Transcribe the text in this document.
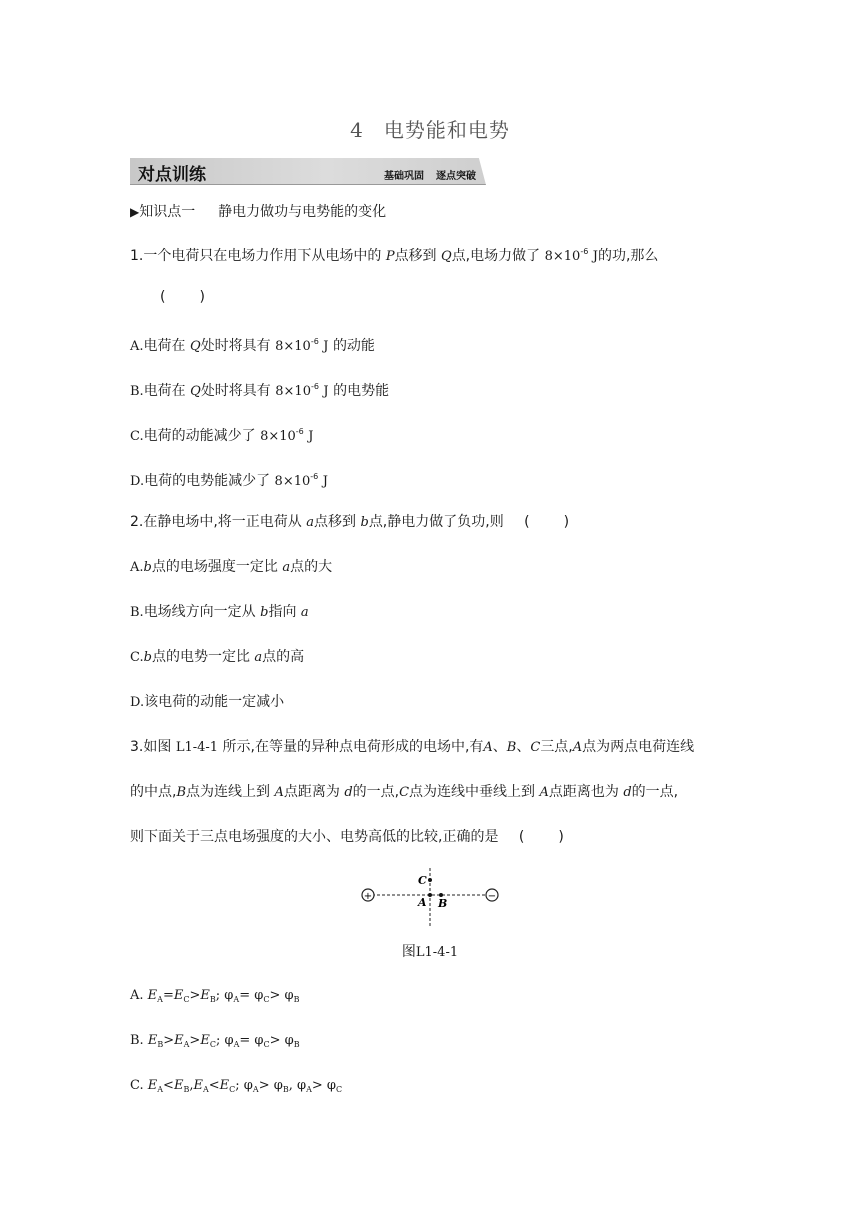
4 电势能和电势
对点训练	基础巩固 逐点突破
▶知识点一 静电力做功与电势能的变化
1.一个电荷只在电场力作用下从电场中的 P点移到 Q点,电场力做了 $8\times 10^{-6}$ J的功,那么
( )
A.电荷在 Q处时将具有 $8\times 10^{-6}$ J 的动能
B.电荷在 Q处时将具有 $8\times 10^{-6}$ J 的电势能
C.电荷的动能减少了 $8\times 10^{-6}$ J
D.电荷的电势能减少了 $8\times 10^{-6}$ J
2.在静电场中,将一正电荷从 a点移到 b点,静电力做了负功,则 ( )
A.b点的电场强度一定比 a点的大
B.电场线方向一定从 b指向 a
C.b点的电势一定比 a点的高
D.该电荷的动能一定减小
3.如图 L1-4-1 所示,在等量的异种点电荷形成的电场中,有A、B、C三点,A点为两点电荷连线
的中点,B点为连线上到 A点距离为 d的一点,C点为连线中垂线上到 A点距离也为 d的一点,
则下面关于三点电场强度的大小、电势高低的比较,正确的是 ( )
+	−
C
A B
图L1-4-1
A. $E_A=E_C>E_B$; $\varphi_A= \varphi_C> \varphi_B$
B. $E_B>E_A>E_C$; $\varphi_A= \varphi_C> \varphi_B$
C. $E_A<E_B,E_A<E_C$; $\varphi_A> \varphi_B$, $\varphi_A> \varphi_C$
